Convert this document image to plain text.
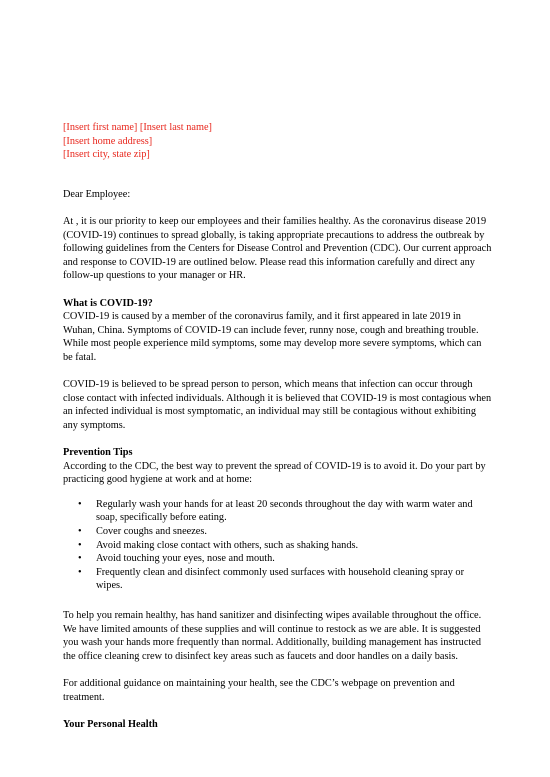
[Insert first name] [Insert last name]

[Insert home address]

[Insert city, state zip]

Dear Employee:

At , it is our priority to keep our employees and their families healthy. As the coronavirus disease 2019 (COVID-19) continues to spread globally, is taking appropriate precautions to address the outbreak by following guidelines from the Centers for Disease Control and Prevention (CDC). Our current approach and response to COVID-19 are outlined below. Please read this information carefully and direct any follow-up questions to your manager or HR.

What is COVID-19?

COVID-19 is caused by a member of the coronavirus family, and it first appeared in late 2019 in Wuhan, China. Symptoms of COVID-19 can include fever, runny nose, cough and breathing trouble. While most people experience mild symptoms, some may develop more severe symptoms, which can be fatal.

COVID-19 is believed to be spread person to person, which means that infection can occur through close contact with infected individuals. Although it is believed that COVID-19 is most contagious when an infected individual is most symptomatic, an individual may still be contagious without exhibiting any symptoms.

Prevention Tips

According to the CDC, the best way to prevent the spread of COVID-19 is to avoid it. Do your part by practicing good hygiene at work and at home:

• Regularly wash your hands for at least 20 seconds throughout the day with warm water and soap, specifically before eating.
• Cover coughs and sneezes.
• Avoid making close contact with others, such as shaking hands.
• Avoid touching your eyes, nose and mouth.
• Frequently clean and disinfect commonly used surfaces with household cleaning spray or wipes.

To help you remain healthy, has hand sanitizer and disinfecting wipes available throughout the office. We have limited amounts of these supplies and will continue to restock as we are able. It is suggested you wash your hands more frequently than normal. Additionally, building management has instructed the office cleaning crew to disinfect key areas such as faucets and door handles on a daily basis.

For additional guidance on maintaining your health, see the CDC’s webpage on prevention and treatment.

Your Personal Health
